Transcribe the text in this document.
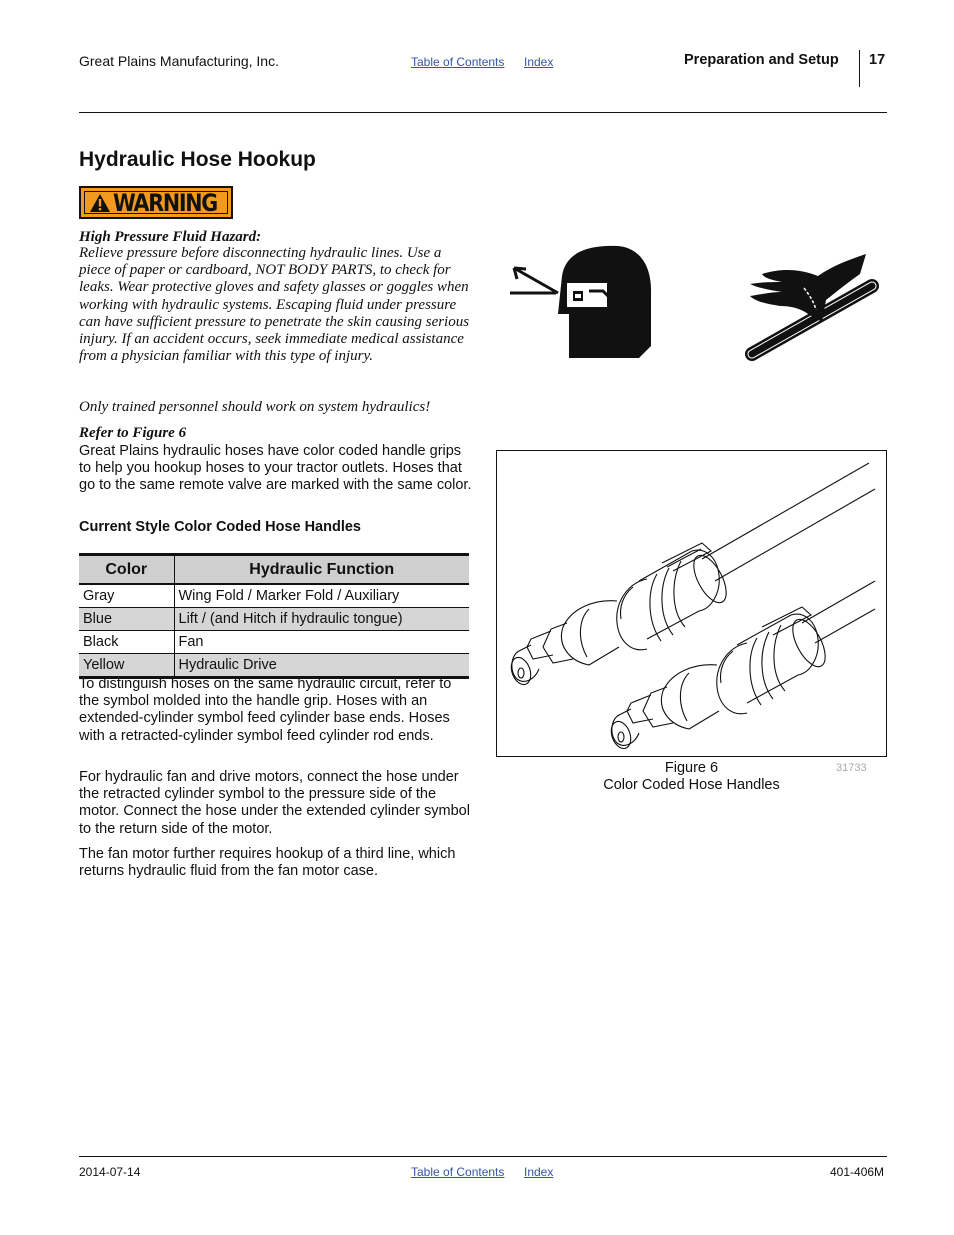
Great Plains Manufacturing, Inc.	Table of Contents Index	Preparation and Setup 17
Hydraulic Hose Hookup
WARNING
High Pressure Fluid Hazard:
Relieve pressure before disconnecting hydraulic lines. Use a piece of paper or cardboard, NOT BODY PARTS, to check for leaks. Wear protective gloves and safety glasses or goggles when working with hydraulic systems. Escaping fluid under pressure can have sufficient pressure to penetrate the skin causing serious injury. If an accident occurs, seek immediate medical assistance from a physician familiar with this type of injury.
Only trained personnel should work on system hydraulics!
Refer to Figure 6
Great Plains hydraulic hoses have color coded handle grips to help you hookup hoses to your tractor outlets. Hoses that go to the same remote valve are marked with the same color.
Current Style Color Coded Hose Handles
Color	Hydraulic Function
Gray	Wing Fold / Marker Fold / Auxiliary
Blue	Lift / (and Hitch if hydraulic tongue)
Black	Fan
Yellow	Hydraulic Drive
To distinguish hoses on the same hydraulic circuit, refer to the symbol molded into the handle grip. Hoses with an extended-cylinder symbol feed cylinder base ends. Hoses with a retracted-cylinder symbol feed cylinder rod ends.
For hydraulic fan and drive motors, connect the hose under the retracted cylinder symbol to the pressure side of the motor. Connect the hose under the extended cylinder symbol to the return side of the motor.
The fan motor further requires hookup of a third line, which returns hydraulic fluid from the fan motor case.
Figure 6
Color Coded Hose Handles
31733
2014-07-14	Table of Contents Index	401-406M
